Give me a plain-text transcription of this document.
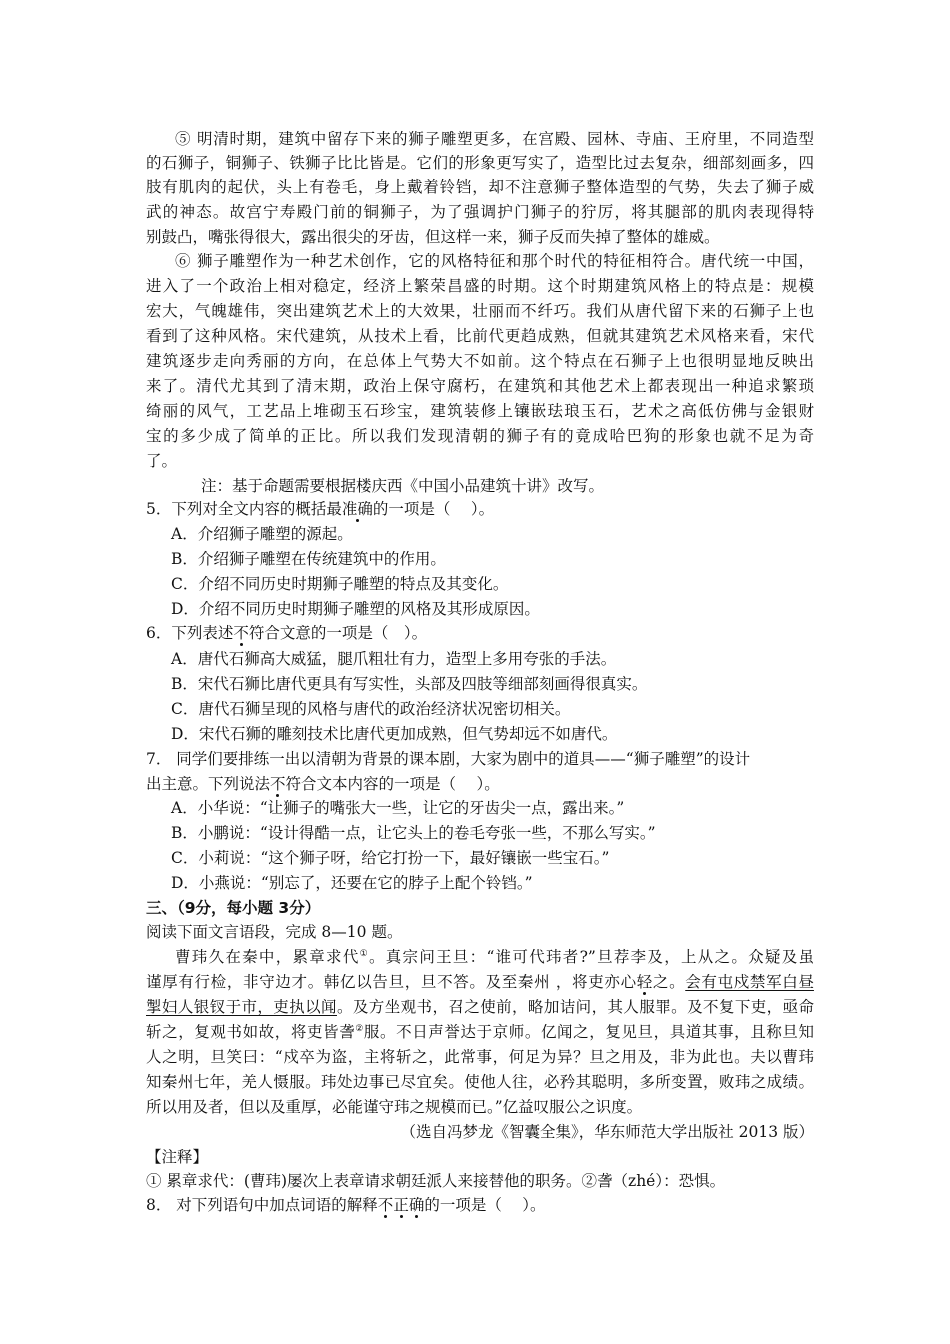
⑤ 明清时期，建筑中留存下来的狮子雕塑更多，在宫殿、园林、寺庙、王府里，不同造型
的石狮子，铜狮子、铁狮子比比皆是。它们的形象更写实了，造型比过去复杂，细部刻画多，四
肢有肌肉的起伏，头上有卷毛，身上戴着铃铛，却不注意狮子整体造型的气势，失去了狮子威
武的神态。故宫宁寿殿门前的铜狮子，为了强调护门狮子的狞厉，将其腿部的肌肉表现得特
别鼓凸，嘴张得很大，露出很尖的牙齿，但这样一来，狮子反而失掉了整体的雄威。
⑥ 狮子雕塑作为一种艺术创作，它的风格特征和那个时代的特征相符合。唐代统一中国，
进入了一个政治上相对稳定，经济上繁荣昌盛的时期。这个时期建筑风格上的特点是：规模
宏大，气魄雄伟，突出建筑艺术上的大效果，壮丽而不纤巧。我们从唐代留下来的石狮子上也
看到了这种风格。宋代建筑，从技术上看，比前代更趋成熟，但就其建筑艺术风格来看，宋代
建筑逐步走向秀丽的方向，在总体上气势大不如前。这个特点在石狮子上也很明显地反映出
来了。清代尤其到了清末期，政治上保守腐朽，在建筑和其他艺术上都表现出一种追求繁琐
绮丽的风气，工艺品上堆砌玉石珍宝，建筑装修上镶嵌珐琅玉石，艺术之高低仿佛与金银财
宝的多少成了简单的正比。所以我们发现清朝的狮子有的竟成哈巴狗的形象也就不足为奇
了。
注：基于命题需要根据楼庆西《中国小品建筑十讲》改写。
5．下列对全文内容的概括最准确的一项是（　 ）。
A．介绍狮子雕塑的源起。
B．介绍狮子雕塑在传统建筑中的作用。
C．介绍不同历史时期狮子雕塑的特点及其变化。
D．介绍不同历史时期狮子雕塑的风格及其形成原因。
6．下列表述不符合文意的一项是（　）。
A．唐代石狮高大威猛，腿爪粗壮有力，造型上多用夸张的手法。
B．宋代石狮比唐代更具有写实性，头部及四肢等细部刻画得很真实。
C．唐代石狮呈现的风格与唐代的政治经济状况密切相关。
D．宋代石狮的雕刻技术比唐代更加成熟，但气势却远不如唐代。
7． 同学们要排练一出以清朝为背景的课本剧，大家为剧中的道具——“狮子雕塑”的设计
出主意。下列说法不符合文本内容的一项是（　 ）。
A．小华说：“让狮子的嘴张大一些，让它的牙齿尖一点，露出来。”
B．小鹏说：“设计得酷一点，让它头上的卷毛夸张一些，不那么写实。”
C．小莉说：“这个狮子呀，给它打扮一下，最好镶嵌一些宝石。”
D．小燕说：“别忘了，还要在它的脖子上配个铃铛。”
三、（9分，每小题 3分）
阅读下面文言语段，完成 8—10 题。
曹玮久在秦中，累章求代①。真宗问王旦：“谁可代玮者?”旦荐李及，上从之。众疑及虽
谨厚有行检，非守边才。韩亿以告旦，旦不答。及至秦州 ，将吏亦心轻之。会有屯戍禁军白昼
掣妇人银钗于市，吏执以闻。及方坐观书，召之使前，略加诘问，其人服罪。及不复下吏，亟命
斩之，复观书如故，将吏皆詟②服。不日声誉达于京师。亿闻之，复见旦，具道其事，且称旦知
人之明，旦笑曰：“戍卒为盗，主将斩之，此常事，何足为异？旦之用及，非为此也。夫以曹玮
知秦州七年，羌人慑服。玮处边事已尽宜矣。使他人往，必矜其聪明，多所变置，败玮之成绩。
所以用及者，但以及重厚，必能谨守玮之规模而已。”亿益叹服公之识度。
（选自冯梦龙《智囊全集》，华东师范大学出版社 2013 版）
【注释】
① 累章求代：(曹玮)屡次上表章请求朝廷派人来接替他的职务。②詟（zhé）：恐惧。
8． 对下列语句中加点词语的解释不正确的一项是（　 ）。
